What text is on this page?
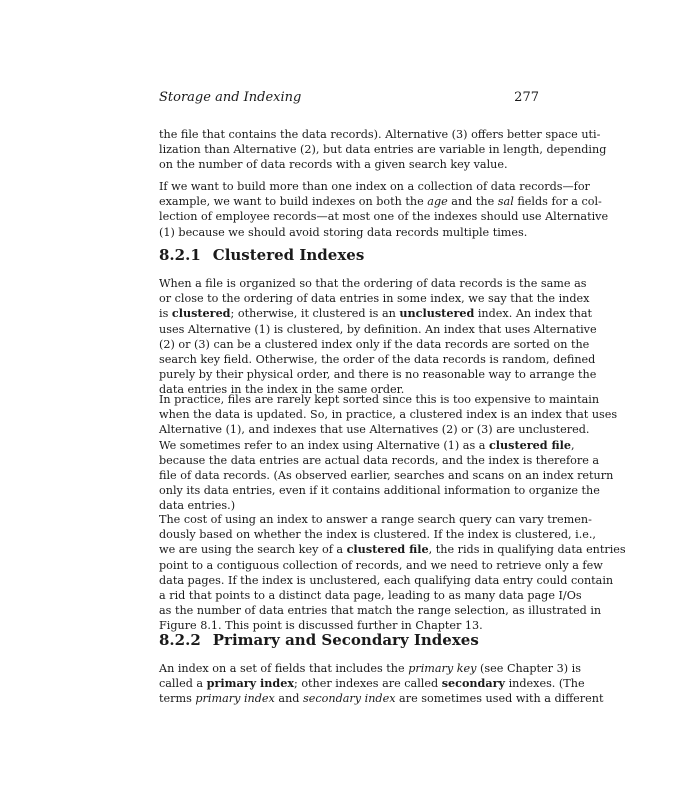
Storage and Indexing	277

the file that contains the data records). Alternative (3) offers better space uti-
lization than Alternative (2), but data entries are variable in length, depending
on the number of data records with a given search key value.

If we want to build more than one index on a collection of data records—for
example, we want to build indexes on both the age and the sal fields for a col-
lection of employee records—at most one of the indexes should use Alternative
(1) because we should avoid storing data records multiple times.

8.2.1 Clustered Indexes

When a file is organized so that the ordering of data records is the same as
or close to the ordering of data entries in some index, we say that the index
is clustered; otherwise, it clustered is an unclustered index. An index that
uses Alternative (1) is clustered, by definition. An index that uses Alternative
(2) or (3) can be a clustered index only if the data records are sorted on the
search key field. Otherwise, the order of the data records is random, defined
purely by their physical order, and there is no reasonable way to arrange the
data entries in the index in the same order.

In practice, files are rarely kept sorted since this is too expensive to maintain
when the data is updated. So, in practice, a clustered index is an index that uses
Alternative (1), and indexes that use Alternatives (2) or (3) are unclustered.
We sometimes refer to an index using Alternative (1) as a clustered file,
because the data entries are actual data records, and the index is therefore a
file of data records. (As observed earlier, searches and scans on an index return
only its data entries, even if it contains additional information to organize the
data entries.)

The cost of using an index to answer a range search query can vary tremen-
dously based on whether the index is clustered. If the index is clustered, i.e.,
we are using the search key of a clustered file, the rids in qualifying data entries
point to a contiguous collection of records, and we need to retrieve only a few
data pages. If the index is unclustered, each qualifying data entry could contain
a rid that points to a distinct data page, leading to as many data page I/Os
as the number of data entries that match the range selection, as illustrated in
Figure 8.1. This point is discussed further in Chapter 13.

8.2.2 Primary and Secondary Indexes

An index on a set of fields that includes the primary key (see Chapter 3) is
called a primary index; other indexes are called secondary indexes. (The
terms primary index and secondary index are sometimes used with a different
